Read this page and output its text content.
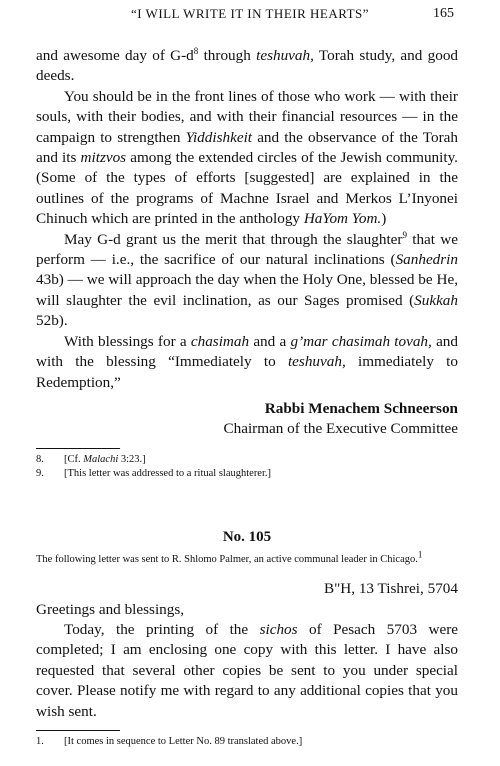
“I WILL WRITE IT IN THEIR HEARTS”	165

and awesome day of $G-d^8$ through teshuvah, Torah study, and good deeds.

You should be in the front lines of those who work — with their souls, with their bodies, and with their financial resources — in the campaign to strengthen Yiddishkeit and the observance of the Torah and its mitzvos among the extended circles of the Jewish community. (Some of the types of efforts [suggested] are explained in the outlines of the programs of Machne Israel and Merkos L’Inyonei Chinuch which are printed in the anthology HaYom Yom.)

May G-d grant us the merit that through the slaughter$^9$ that we perform — i.e., the sacrifice of our natural inclinations (Sanhedrin 43b) — we will approach the day when the Holy One, blessed be He, will slaughter the evil inclination, as our Sages promised (Sukkah 52b).

With blessings for a chasimah and a g’mar chasimah tovah, and with the blessing “Immediately to teshuvah, immediately to Redemption,”

Rabbi Menachem Schneerson
Chairman of the Executive Committee
8.	[Cf. Malachi 3:23.]
9.	[This letter was addressed to a ritual slaughterer.]
No. 105
The following letter was sent to R. Shlomo Palmer, an active communal leader in Chicago.$^1$
B"H, 13 Tishrei, 5704

Greetings and blessings,

Today, the printing of the sichos of Pesach 5703 were completed; I am enclosing one copy with this letter. I have also requested that several other copies be sent to you under special cover. Please notify me with regard to any additional copies that you wish sent.

1.	[It comes in sequence to Letter No. 89 translated above.]
